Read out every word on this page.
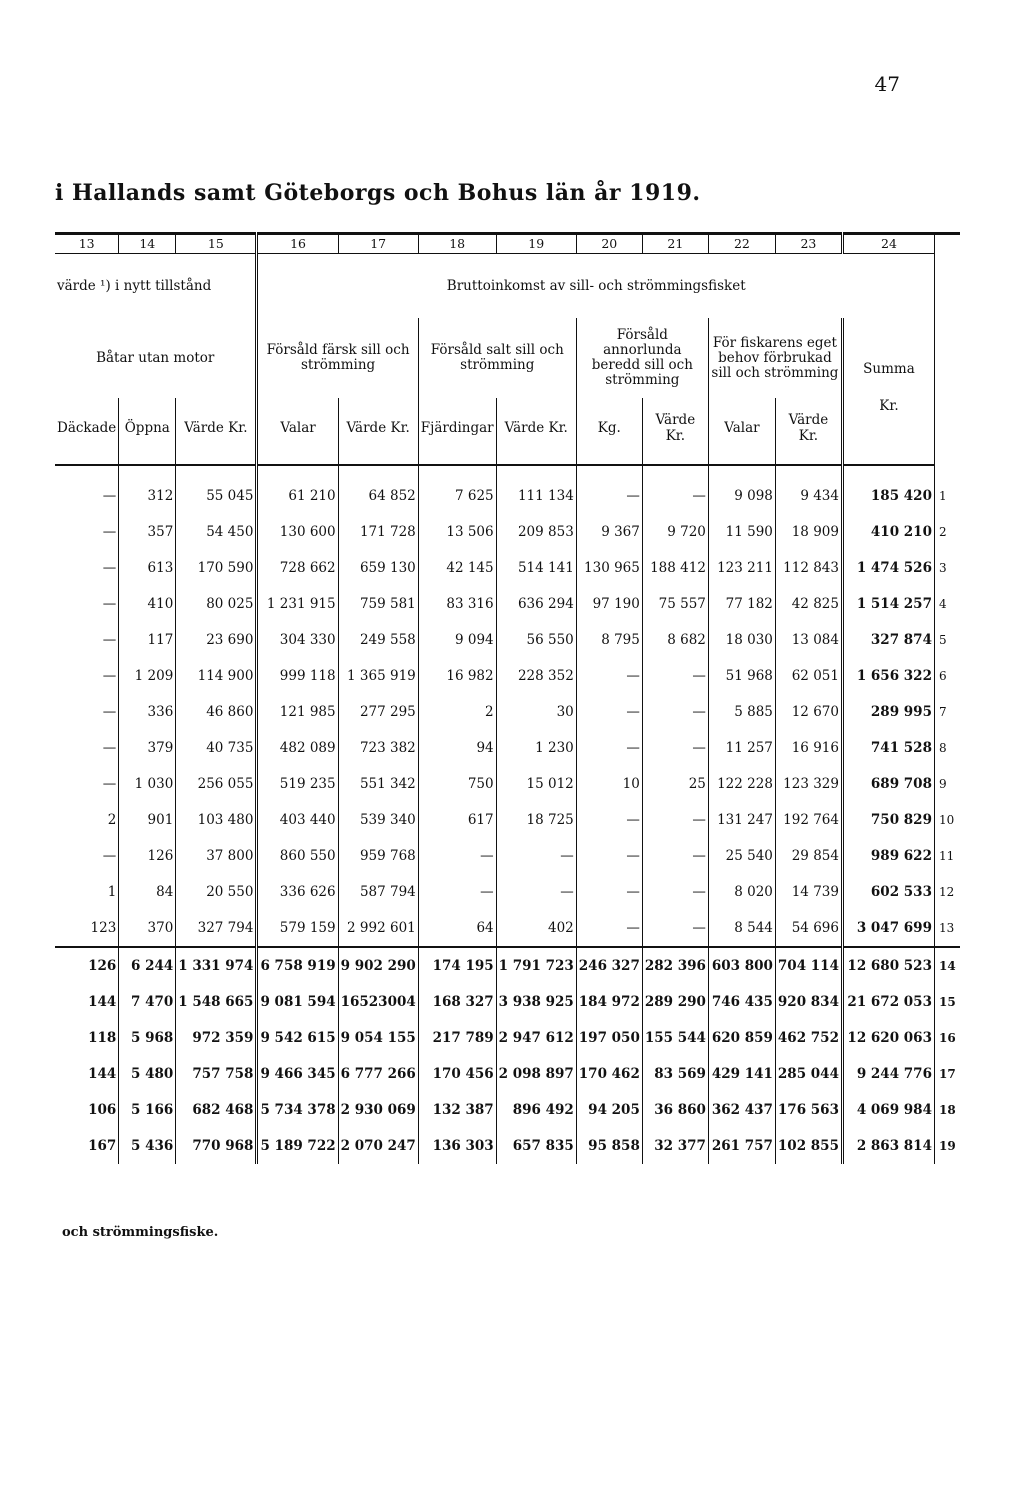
47
i Hallands samt Göteborgs och Bohus län år 1919.
13	14	15	16	17	18	19	20	21	22	23	24	
värde ¹) i nytt tillstånd			Bruttoinkomst av sill- och strömmingsfisket									
Båtar utan motor			Försåld färsk sill och strömming		Försåld salt sill och strömming		Försåld annorlunda beredd sill och strömming		För fiskarens eget behov förbrukad sill och strömming		Summa
Kr.	

Däckade	Öppna	Värde Kr.	Valar	Värde Kr.	Fjärdingar	Värde Kr.	Kg.	Värde Kr.	Valar	Värde Kr.		

—	312	55 045	61 210	64 852	7 625	111 134	—	—	9 098	9 434	185 420	1
—	357	54 450	130 600	171 728	13 506	209 853	9 367	9 720	11 590	18 909	410 210	2
—	613	170 590	728 662	659 130	42 145	514 141	130 965	188 412	123 211	112 843	1 474 526	3
—	410	80 025	1 231 915	759 581	83 316	636 294	97 190	75 557	77 182	42 825	1 514 257	4
—	117	23 690	304 330	249 558	9 094	56 550	8 795	8 682	18 030	13 084	327 874	5
—	1 209	114 900	999 118	1 365 919	16 982	228 352	—	—	51 968	62 051	1 656 322	6
—	336	46 860	121 985	277 295	2	30	—	—	5 885	12 670	289 995	7
—	379	40 735	482 089	723 382	94	1 230	—	—	11 257	16 916	741 528	8
—	1 030	256 055	519 235	551 342	750	15 012	10	25	122 228	123 329	689 708	9
2	901	103 480	403 440	539 340	617	18 725	—	—	131 247	192 764	750 829	10
—	126	37 800	860 550	959 768	—	—	—	—	25 540	29 854	989 622	11
1	84	20 550	336 626	587 794	—	—	—	—	8 020	14 739	602 533	12
123	370	327 794	579 159	2 992 601	64	402	—	—	8 544	54 696	3 047 699	13
126	6 244	1 331 974	6 758 919	9 902 290	174 195	1 791 723	246 327	282 396	603 800	704 114	12 680 523	14
144	7 470	1 548 665	9 081 594	16523004	168 327	3 938 925	184 972	289 290	746 435	920 834	21 672 053	15
118	5 968	972 359	9 542 615	9 054 155	217 789	2 947 612	197 050	155 544	620 859	462 752	12 620 063	16
144	5 480	757 758	9 466 345	6 777 266	170 456	2 098 897	170 462	83 569	429 141	285 044	9 244 776	17
106	5 166	682 468	5 734 378	2 930 069	132 387	896 492	94 205	36 860	362 437	176 563	4 069 984	18
167	5 436	770 968	5 189 722	2 070 247	136 303	657 835	95 858	32 377	261 757	102 855	2 863 814	19
och strömmingsfiske.
